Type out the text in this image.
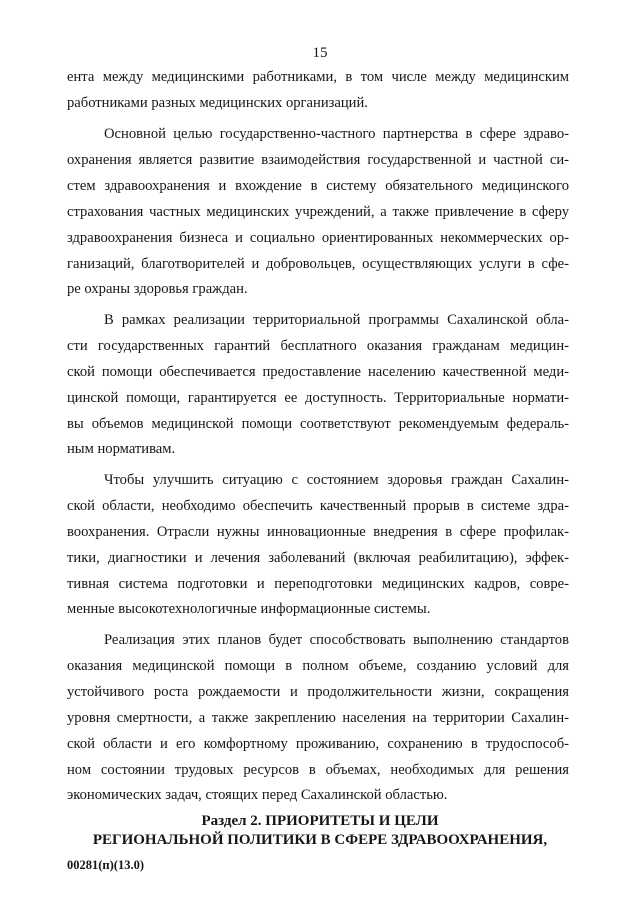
15
ента между медицинскими работниками, в том числе между медицинским
работниками разных медицинских организаций.
Основной целью государственно-частного партнерства в сфере здраво-
охранения является развитие взаимодействия государственной и частной си-
стем здравоохранения и вхождение в систему обязательного медицинского
страхования частных медицинских учреждений, а также привлечение в сферу
здравоохранения бизнеса и социально ориентированных некоммерческих ор-
ганизаций, благотворителей и добровольцев, осуществляющих услуги в сфе-
ре охраны здоровья граждан.
В рамках реализации территориальной программы Сахалинской обла-
сти государственных гарантий бесплатного оказания гражданам медицин-
ской помощи обеспечивается предоставление населению качественной меди-
цинской помощи, гарантируется ее доступность. Территориальные нормати-
вы объемов медицинской помощи соответствуют рекомендуемым федераль-
ным нормативам.
Чтобы улучшить ситуацию с состоянием здоровья граждан Сахалин-
ской области, необходимо обеспечить качественный прорыв в системе здра-
воохранения. Отрасли нужны инновационные внедрения в сфере профилак-
тики, диагностики и лечения заболеваний (включая реабилитацию), эффек-
тивная система подготовки и переподготовки медицинских кадров, совре-
менные высокотехнологичные информационные системы.
Реализация этих планов будет способствовать выполнению стандартов
оказания медицинской помощи в полном объеме, созданию условий для
устойчивого роста рождаемости и продолжительности жизни, сокращения
уровня смертности, а также закреплению населения на территории Сахалин-
ской области и его комфортному проживанию, сохранению в трудоспособ-
ном состоянии трудовых ресурсов в объемах, необходимых для решения
экономических задач, стоящих перед Сахалинской областью.
Раздел 2. ПРИОРИТЕТЫ И ЦЕЛИ
РЕГИОНАЛЬНОЙ ПОЛИТИКИ В СФЕРЕ ЗДРАВООХРАНЕНИЯ,
00281(п)(13.0)
